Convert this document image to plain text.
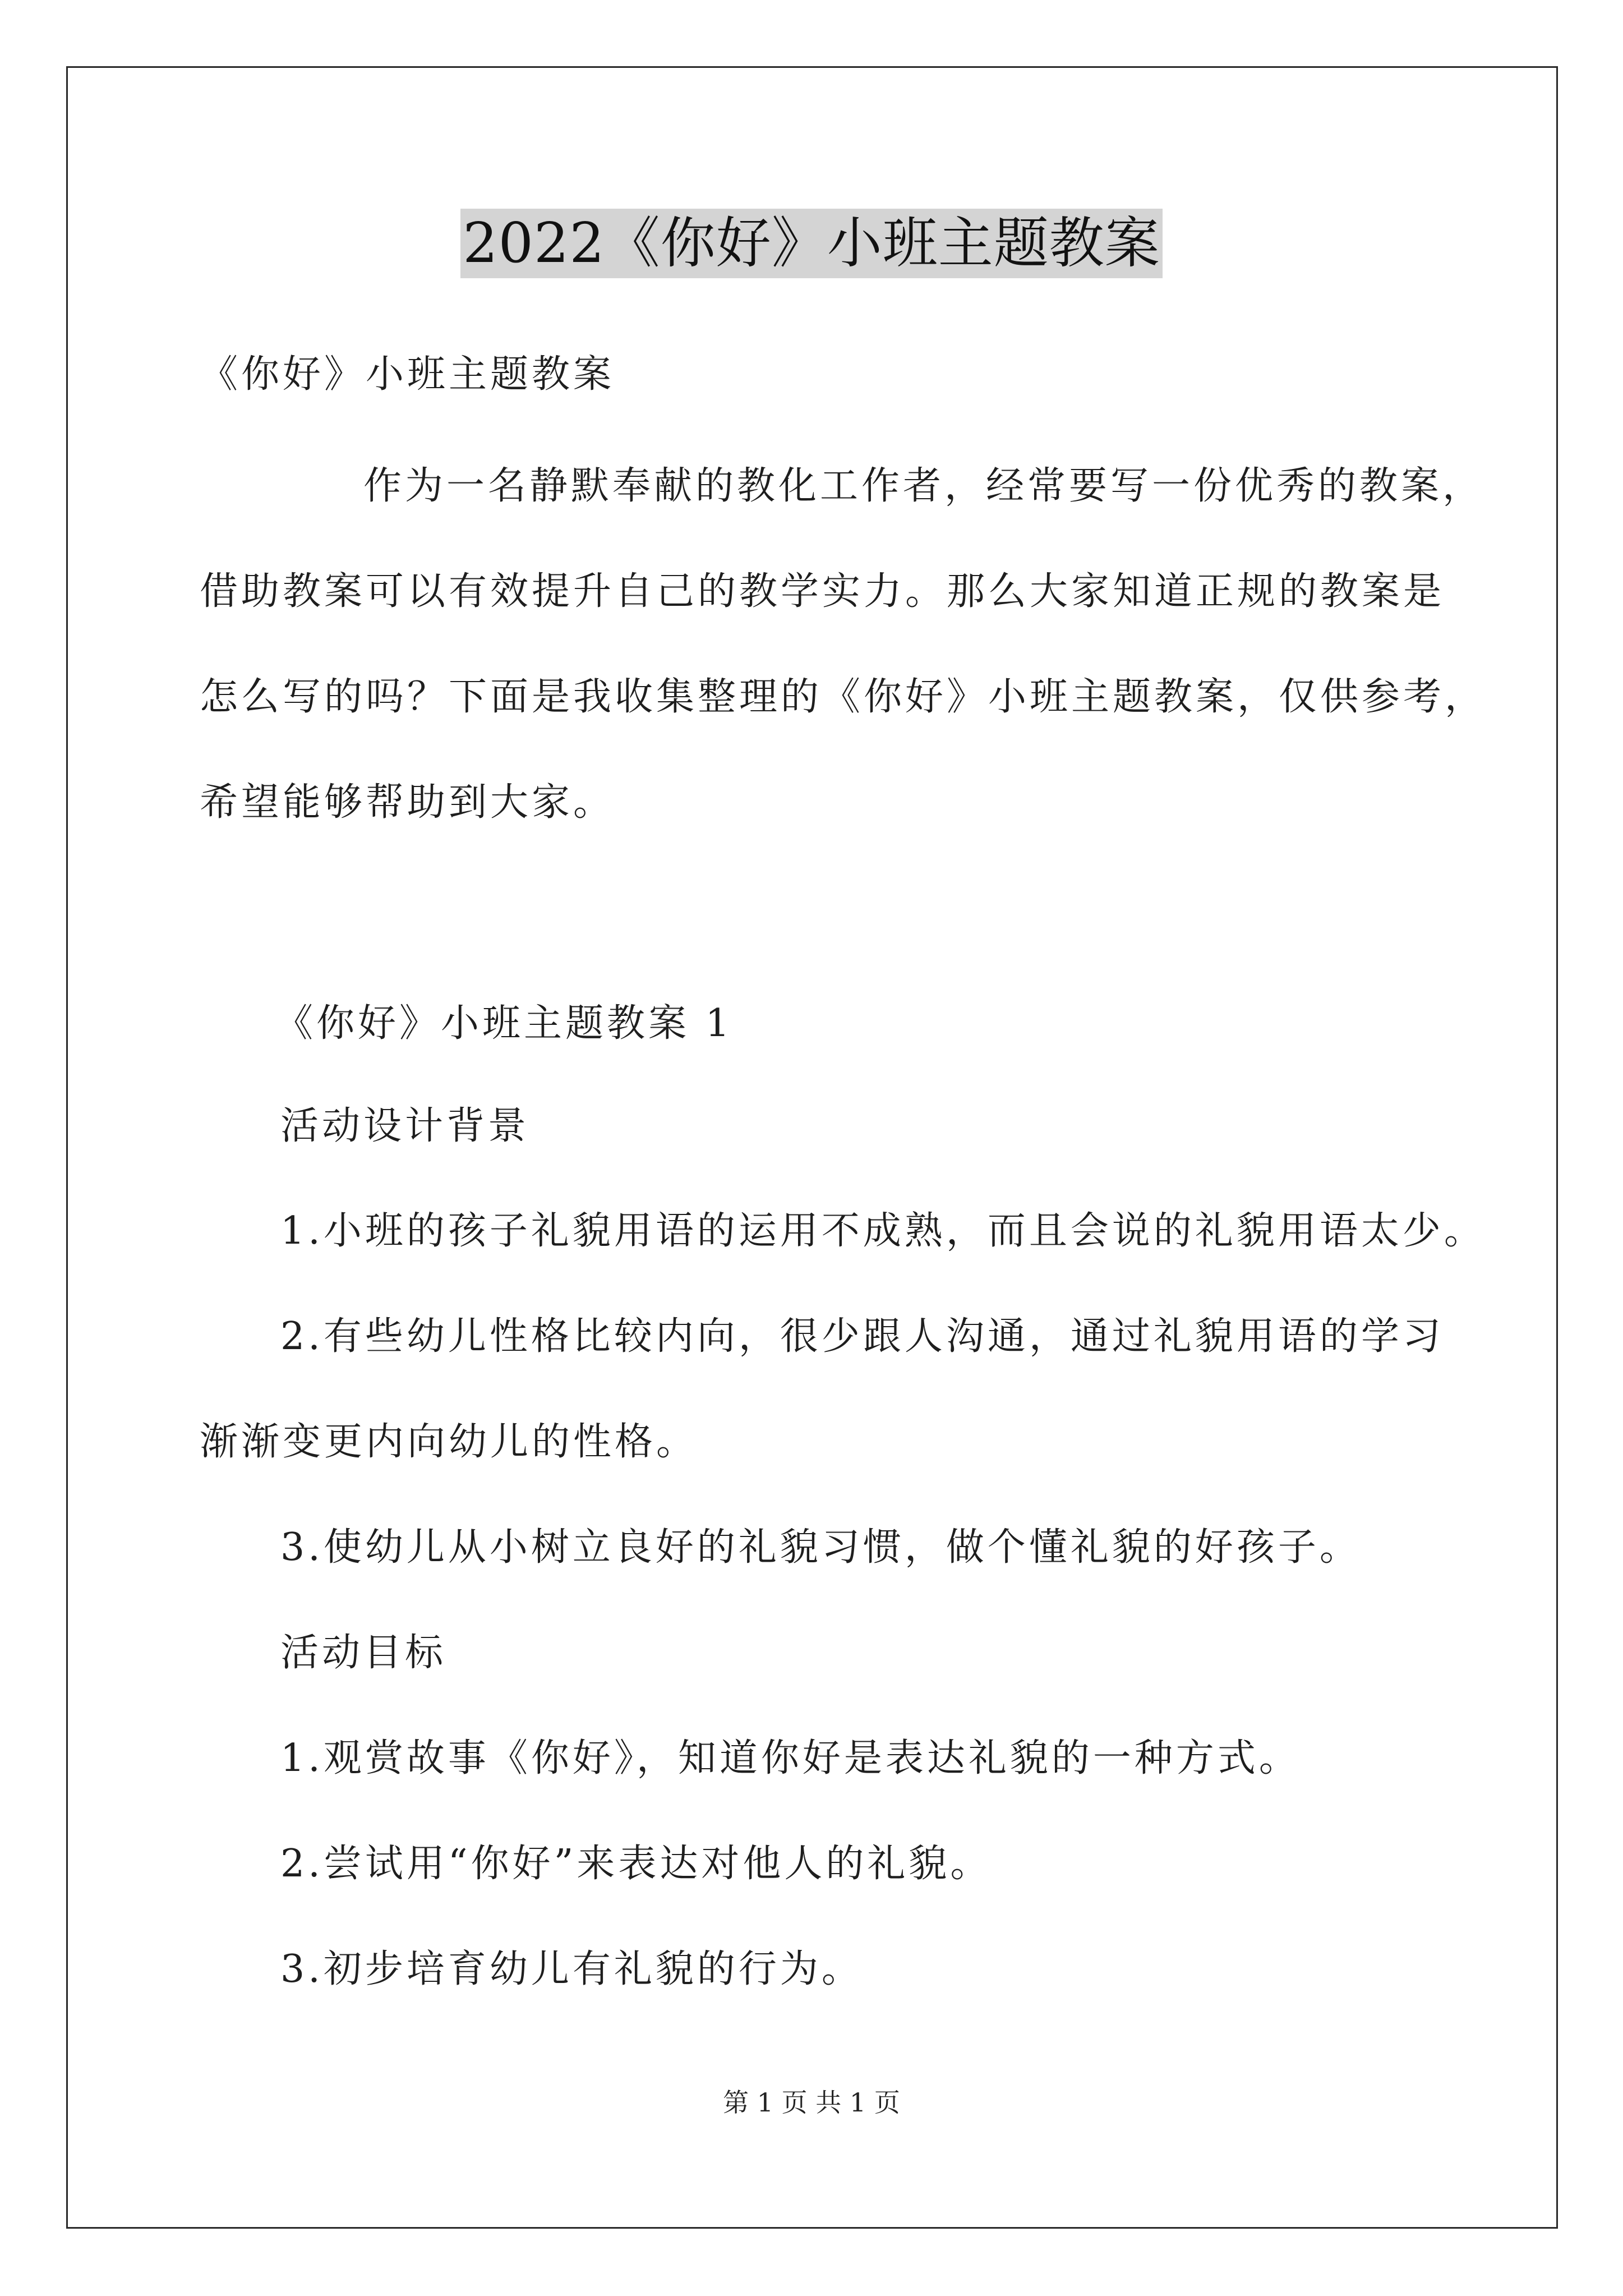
2022《你好》小班主题教案
《你好》小班主题教案
作为一名静默奉献的教化工作者，经常要写一份优秀的教案，
借助教案可以有效提升自己的教学实力。那么大家知道正规的教案是
怎么写的吗？下面是我收集整理的《你好》小班主题教案，仅供参考，
希望能够帮助到大家。
《你好》小班主题教案 1
活动设计背景
1.小班的孩子礼貌用语的运用不成熟，而且会说的礼貌用语太少。
2.有些幼儿性格比较内向，很少跟人沟通，通过礼貌用语的学习
渐渐变更内向幼儿的性格。
3.使幼儿从小树立良好的礼貌习惯，做个懂礼貌的好孩子。
活动目标
1.观赏故事《你好》，知道你好是表达礼貌的一种方式。
2.尝试用“你好”来表达对他人的礼貌。
3.初步培育幼儿有礼貌的行为。
第 1 页 共 1 页
